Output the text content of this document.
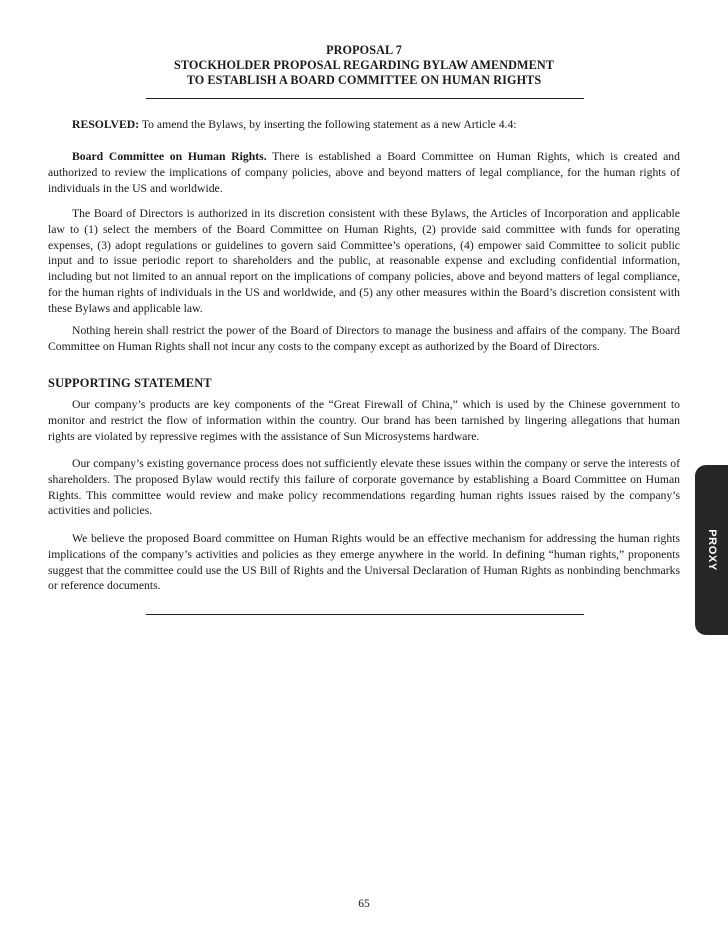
PROPOSAL 7
STOCKHOLDER PROPOSAL REGARDING BYLAW AMENDMENT
TO ESTABLISH A BOARD COMMITTEE ON HUMAN RIGHTS

RESOLVED: To amend the Bylaws, by inserting the following statement as a new Article 4.4:

Board Committee on Human Rights. There is established a Board Committee on Human Rights, which is created and authorized to review the implications of company policies, above and beyond matters of legal compliance, for the human rights of individuals in the US and worldwide.

The Board of Directors is authorized in its discretion consistent with these Bylaws, the Articles of Incorporation and applicable law to (1) select the members of the Board Committee on Human Rights, (2) provide said committee with funds for operating expenses, (3) adopt regulations or guidelines to govern said Committee’s operations, (4) empower said Committee to solicit public input and to issue periodic report to shareholders and the public, at reasonable expense and excluding confidential information, including but not limited to an annual report on the implications of company policies, above and beyond matters of legal compliance, for the human rights of individuals in the US and worldwide, and (5) any other measures within the Board’s discretion consistent with these Bylaws and applicable law.

Nothing herein shall restrict the power of the Board of Directors to manage the business and affairs of the company. The Board Committee on Human Rights shall not incur any costs to the company except as authorized by the Board of Directors.

SUPPORTING STATEMENT

Our company’s products are key components of the “Great Firewall of China,” which is used by the Chinese government to monitor and restrict the flow of information within the country. Our brand has been tarnished by lingering allegations that human rights are violated by repressive regimes with the assistance of Sun Microsystems hardware.

Our company’s existing governance process does not sufficiently elevate these issues within the company or serve the interests of shareholders. The proposed Bylaw would rectify this failure of corporate governance by establishing a Board Committee on Human Rights. This committee would review and make policy recommendations regarding human rights issues raised by the company’s activities and policies.

We believe the proposed Board committee on Human Rights would be an effective mechanism for addressing the human rights implications of the company’s activities and policies as they emerge anywhere in the world. In defining “human rights,” proponents suggest that the committee could use the US Bill of Rights and the Universal Declaration of Human Rights as nonbinding benchmarks or reference documents.

65
PROXY
